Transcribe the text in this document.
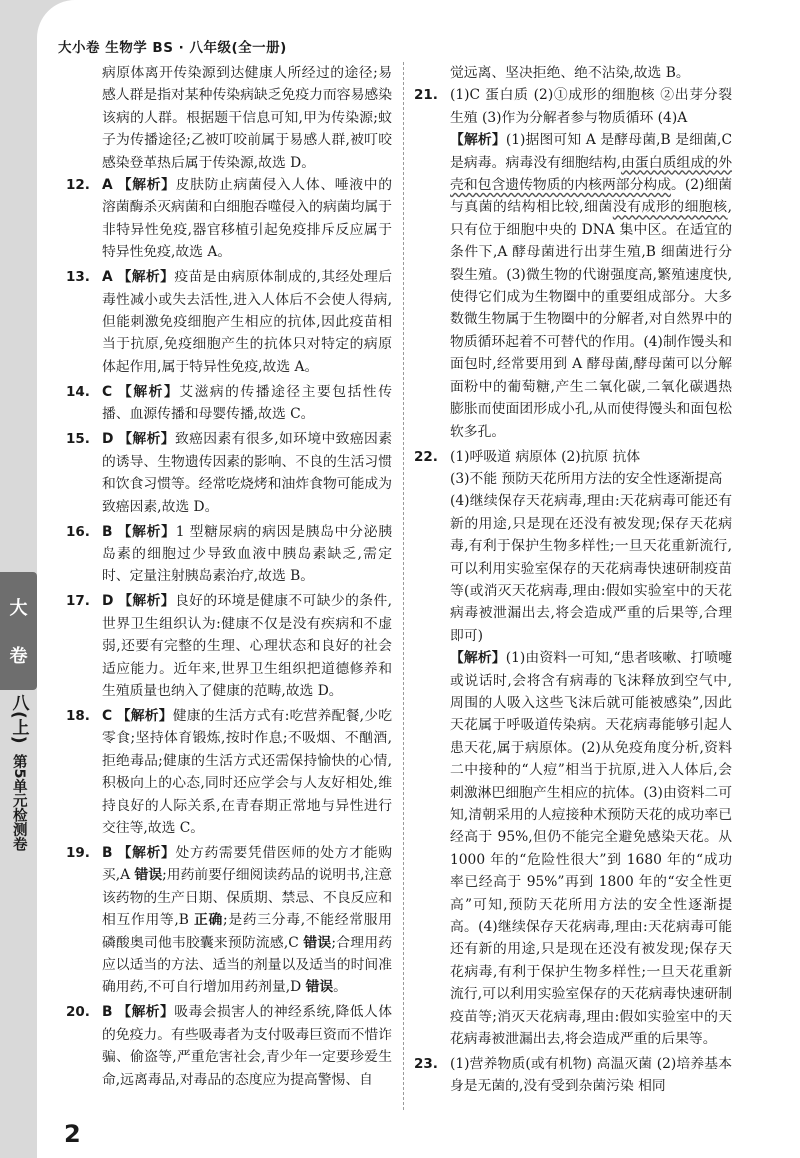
大小卷 生物学 BS · 八年级(全一册)

病原体离开传染源到达健康人所经过的途径;易感人群是指对某种传染病缺乏免疫力而容易感染该病的人群。根据题干信息可知,甲为传染源;蚊子为传播途径;乙被叮咬前属于易感人群,被叮咬感染登革热后属于传染源,故选 D。

12. A 【解析】皮肤防止病菌侵入人体、唾液中的溶菌酶杀灭病菌和白细胞吞噬侵入的病菌均属于非特异性免疫,器官移植引起免疫排斥反应属于特异性免疫,故选 A。

13. A 【解析】疫苗是由病原体制成的,其经处理后毒性减小或失去活性,进入人体后不会使人得病,但能刺激免疫细胞产生相应的抗体,因此疫苗相当于抗原,免疫细胞产生的抗体只对特定的病原体起作用,属于特异性免疫,故选 A。

14. C 【解析】艾滋病的传播途径主要包括性传播、血源传播和母婴传播,故选 C。

15. D 【解析】致癌因素有很多,如环境中致癌因素的诱导、生物遗传因素的影响、不良的生活习惯和饮食习惯等。经常吃烧烤和油炸食物可能成为致癌因素,故选 D。

16. B 【解析】1 型糖尿病的病因是胰岛中分泌胰岛素的细胞过少导致血液中胰岛素缺乏,需定时、定量注射胰岛素治疗,故选 B。

17. D 【解析】良好的环境是健康不可缺少的条件,世界卫生组织认为:健康不仅是没有疾病和不虚弱,还要有完整的生理、心理状态和良好的社会适应能力。近年来,世界卫生组织把道德修养和生殖质量也纳入了健康的范畴,故选 D。

18. C 【解析】健康的生活方式有:吃营养配餐,少吃零食;坚持体育锻炼,按时作息;不吸烟、不酗酒,拒绝毒品;健康的生活方式还需保持愉快的心情,积极向上的心态,同时还应学会与人友好相处,维持良好的人际关系,在青春期正常地与异性进行交往等,故选 C。

19. B 【解析】处方药需要凭借医师的处方才能购买,A 错误;用药前要仔细阅读药品的说明书,注意该药物的生产日期、保质期、禁忌、不良反应和相互作用等,B 正确;是药三分毒,不能经常服用磷酸奥司他韦胶囊来预防流感,C 错误;合理用药应以适当的方法、适当的剂量以及适当的时间准确用药,不可自行增加用药剂量,D 错误。

20. B 【解析】吸毒会损害人的神经系统,降低人体的免疫力。有些吸毒者为支付吸毒巨资而不惜诈骗、偷盗等,严重危害社会,青少年一定要珍爱生命,远离毒品,对毒品的态度应为提高警惕、自

觉远离、坚决拒绝、绝不沾染,故选 B。

21. (1)C 蛋白质 (2)①成形的细胞核 ②出芽分裂生殖 (3)作为分解者参与物质循环 (4)A

【解析】(1)据图可知 A 是酵母菌,B 是细菌,C 是病毒。病毒没有细胞结构,由蛋白质组成的外壳和包含遗传物质的内核两部分构成。(2)细菌与真菌的结构相比较,细菌没有成形的细胞核,只有位于细胞中央的 DNA 集中区。在适宜的条件下,A 酵母菌进行出芽生殖,B 细菌进行分裂生殖。(3)微生物的代谢强度高,繁殖速度快,使得它们成为生物圈中的重要组成部分。大多数微生物属于生物圈中的分解者,对自然界中的物质循环起着不可替代的作用。(4)制作馒头和面包时,经常要用到 A 酵母菌,酵母菌可以分解面粉中的葡萄糖,产生二氧化碳,二氧化碳遇热膨胀而使面团形成小孔,从而使得馒头和面包松软多孔。

22. (1)呼吸道 病原体 (2)抗原 抗体

(3)不能 预防天花所用方法的安全性逐渐提高

(4)继续保存天花病毒,理由:天花病毒可能还有新的用途,只是现在还没有被发现;保存天花病毒,有利于保护生物多样性;一旦天花重新流行,可以利用实验室保存的天花病毒快速研制疫苗等(或消灭天花病毒,理由:假如实验室中的天花病毒被泄漏出去,将会造成严重的后果等,合理即可)

【解析】(1)由资料一可知,“患者咳嗽、打喷嚏或说话时,会将含有病毒的飞沫释放到空气中,周围的人吸入这些飞沫后就可能被感染”,因此天花属于呼吸道传染病。天花病毒能够引起人患天花,属于病原体。(2)从免疫角度分析,资料二中接种的“人痘”相当于抗原,进入人体后,会刺激淋巴细胞产生相应的抗体。(3)由资料二可知,清朝采用的人痘接种术预防天花的成功率已经高于 95%,但仍不能完全避免感染天花。从 1000 年的“危险性很大”到 1680 年的“成功率已经高于 95%”再到 1800 年的“安全性更高”可知,预防天花所用方法的安全性逐渐提高。(4)继续保存天花病毒,理由:天花病毒可能还有新的用途,只是现在还没有被发现;保存天花病毒,有利于保护生物多样性;一旦天花重新流行,可以利用实验室保存的天花病毒快速研制疫苗等;消灭天花病毒,理由:假如实验室中的天花病毒被泄漏出去,将会造成严重的后果等。

23. (1)营养物质(或有机物) 高温灭菌 (2)培养基本身是无菌的,没有受到杂菌污染 相同

大
卷
八(上)
第5单元检测卷
2
